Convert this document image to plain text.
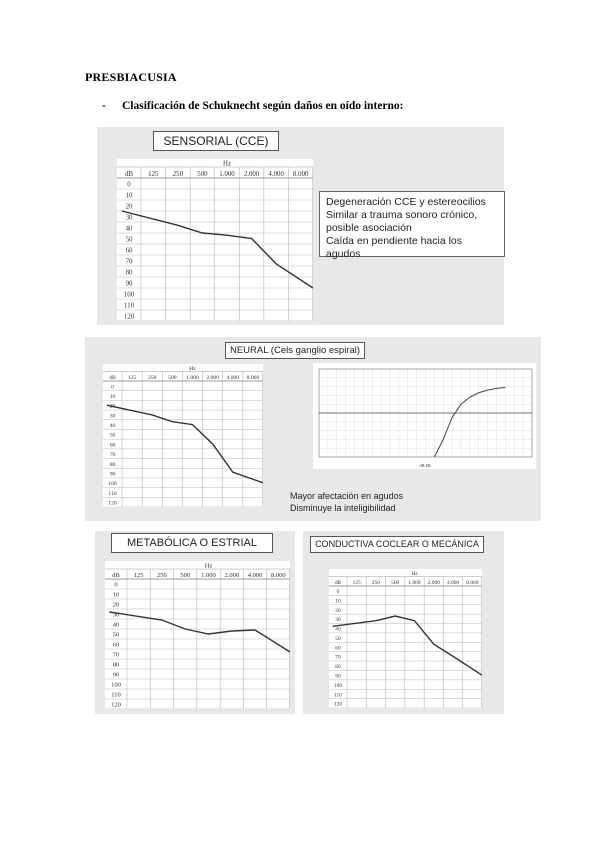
PRESBIACUSIA
- Clasificación de Schuknecht según daños en oído interno:
SENSORIAL (CCE)
Hz
dB 125 250 500 1.000 2.000 4.000 8.000
0
10
20
30
40
50
60
70
80
90
100
110
120
Degeneración CCE y estereocilios
Similar a trauma sonoro crónico,
posible asociación
Caída en pendiente hacia los agudos
NEURAL (Cels ganglio espiral)
Hz
dB 125 250 500 1.000 2.000 4.000 8.000
0
10
20
30
40
50
60
70
80
90
100
110
120
dB HL
Mayor afectación en agudos
Disminuye la inteligibilidad
METABÓLICA O ESTRIAL
Hz
dB 125 250 500 1.000 2.000 4.000 8.000
0
10
20
30
40
50
60
70
80
90
100
110
120
CONDUCTIVA COCLEAR O MECÁNICA
Hz
dB 125 250 500 1.000 2.000 4.000 8.000
0
10
20
30
40
50
60
70
80
90
100
110
120
